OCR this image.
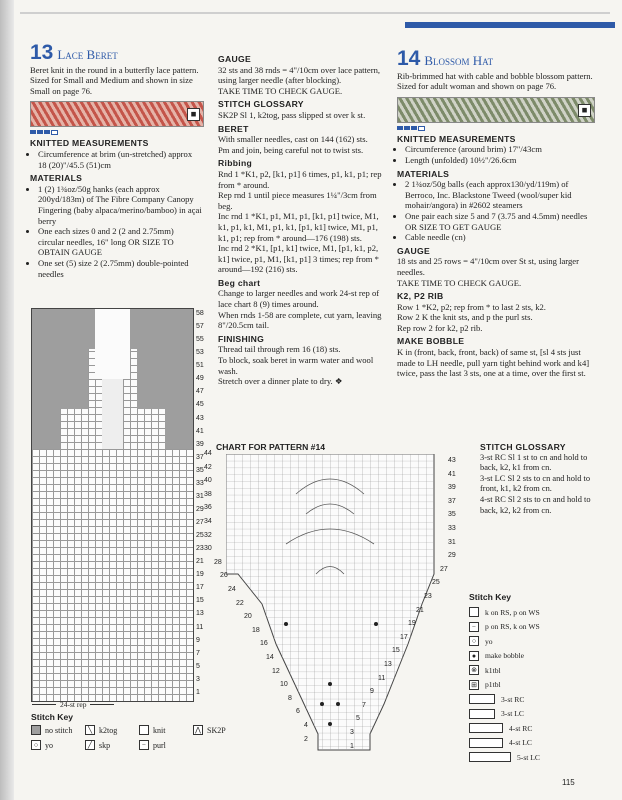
13 Lace Beret

Beret knit in the round in a butterfly lace pattern. Sized for Small and Medium and shown in size Small on page 76.

◼
KNITTED MEASUREMENTS
• Circumference at brim (un-stretched) approx 18 (20)"/45.5 (51)cm
MATERIALS
• 1 (2) 1¾oz/50g hanks (each approx 200yd/183m) of The Fibre Company Canopy Fingering (baby alpaca/merino/bamboo) in açai berry
• One each sizes 0 and 2 (2 and 2.75mm) circular needles, 16" long OR SIZE TO OBTAIN GAUGE
• One set (5) size 2 (2.75mm) double-pointed needles
GAUGE

32 sts and 38 rnds = 4"/10cm over lace pattern, using larger needle (after blocking).

TAKE TIME TO CHECK GAUGE.

STITCH GLOSSARY

SK2P Sl 1, k2tog, pass slipped st over k st.

BERET

With smaller needles, cast on 144 (162) sts.

Pm and join, being careful not to twist sts.

Ribbing

Rnd 1 *K1, p2, [k1, p1] 6 times, p1, k1, p1; rep from * around.

Rep rnd 1 until piece measures 1¼"/3cm from beg.

Inc rnd 1 *K1, p1, M1, p1, [k1, p1] twice, M1, k1, p1, k1, M1, p1, k1, [p1, k1] twice, M1, p1, k1, p1; rep from * around—176 (198) sts.

Inc rnd 2 *K1, [p1, k1] twice, M1, [p1, k1, p2, k1] twice, p1, M1, [k1, p1] 3 times; rep from * around—192 (216) sts.

Beg chart

Change to larger needles and work 24-st rep of lace chart 8 (9) times around.

When rnds 1-58 are complete, cut yarn, leaving 8"/20.5cm tail.

FINISHING

Thread tail through rem 16 (18) sts.

To block, soak beret in warm water and wool wash.

Stretch over a dinner plate to dry. ❖

14 Blossom Hat

Rib-brimmed hat with cable and bobble blossom pattern. Sized for adult woman and shown on page 76.

◼
KNITTED MEASUREMENTS
• Circumference (around brim) 17"/43cm
• Length (unfolded) 10½"/26.6cm
MATERIALS
• 2 1¾oz/50g balls (each approx130/yd/119m) of Berroco, Inc. Blackstone Tweed (wool/super kid mohair/angora) in #2602 steamers
• One pair each size 5 and 7 (3.75 and 4.5mm) needles OR SIZE TO GET GAUGE
• Cable needle (cn)
GAUGE

18 sts and 25 rows = 4"/10cm over St st, using larger needles.

TAKE TIME TO CHECK GAUGE.

K2, P2 RIB

Row 1 *K2, p2; rep from * to last 2 sts, k2.

Row 2 K the knit sts, and p the purl sts.

Rep row 2 for k2, p2 rib.

MAKE BOBBLE

K in (front, back, front, back) of same st, [sl 4 sts just made to LH needle, pull yarn tight behind work and k4] twice, pass the last 3 sts, one at a time, over the first st.

58
57
55
53
51
49
47
45
43
41
39
37
35
33
31
29
27
25
23
21
19
17
15
13
11
9
7
5
3
1
24-st rep
Stitch Key
no stitch	╲ k2tog	knit	⋀ SK2P
○ yo	╱ skp	− purl
CHART FOR PATTERN #14
44
42
40
38
36
34
32
30
28
26
24
22
20
18
16
14
12
10
8
6
4
2
43
41
39
37
35
33
31
29
27
25
23
21
19
17
15
13
11
9
7
5
3
1
STITCH GLOSSARY

3-st RC Sl 1 st to cn and hold to back, k2, k1 from cn.

3-st LC Sl 2 sts to cn and hold to front, k1, k2 from cn.

4-st RC Sl 2 sts to cn and hold to back, k2, k2 from cn.

Stitch Key
k on RS, p on WS
−	p on RS, k on WS
○	yo
●	make bobble
⊗ k1tbl
⊞ p1tbl
3-st RC
3-st LC
4-st RC
4-st LC
5-st LC
115
